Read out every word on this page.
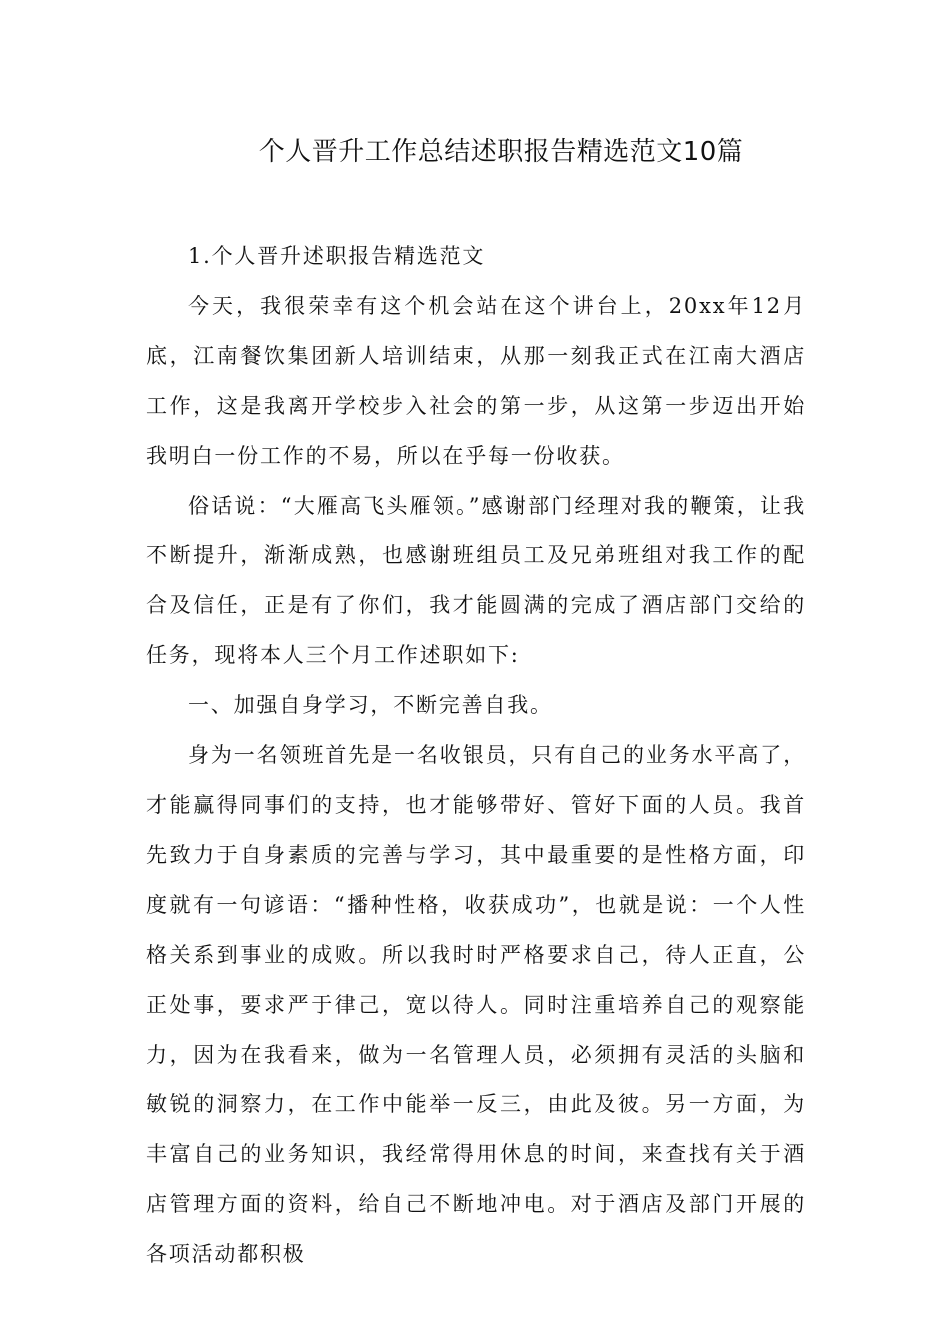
个人晋升工作总结述职报告精选范文10篇

1.个人晋升述职报告精选范文

今天，我很荣幸有这个机会站在这个讲台上，20xx年12月底，江南餐饮集团新人培训结束，从那一刻我正式在江南大酒店工作，这是我离开学校步入社会的第一步，从这第一步迈出开始我明白一份工作的不易，所以在乎每一份收获。

俗话说：“大雁高飞头雁领。”感谢部门经理对我的鞭策，让我不断提升，渐渐成熟，也感谢班组员工及兄弟班组对我工作的配合及信任，正是有了你们，我才能圆满的完成了酒店部门交给的任务，现将本人三个月工作述职如下:

一、加强自身学习，不断完善自我。

身为一名领班首先是一名收银员，只有自己的业务水平高了，才能赢得同事们的支持，也才能够带好、管好下面的人员。我首先致力于自身素质的完善与学习，其中最重要的是性格方面，印度就有一句谚语：“播种性格，收获成功”，也就是说：一个人性格关系到事业的成败。所以我时时严格要求自己，待人正直，公正处事，要求严于律己，宽以待人。同时注重培养自己的观察能力，因为在我看来，做为一名管理人员，必须拥有灵活的头脑和敏锐的洞察力，在工作中能举一反三，由此及彼。另一方面，为丰富自己的业务知识，我经常得用休息的时间，来查找有关于酒店管理方面的资料，给自己不断地冲电。对于酒店及部门开展的各项活动都积极
